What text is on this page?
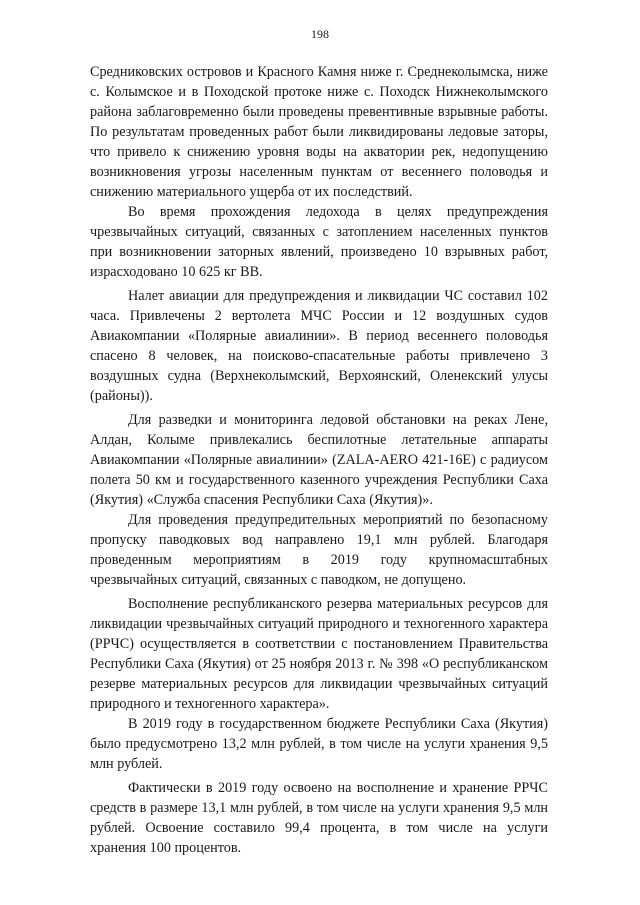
198

Средниковских островов и Красного Камня ниже г. Среднеколымска, ниже с. Колымское и в Походской протоке ниже с. Походск Нижнеколымского района заблаговременно были проведены превентивные взрывные работы. По результатам проведенных работ были ликвидированы ледовые заторы, что привело к снижению уровня воды на акватории рек, недопущению возникновения угрозы населенным пунктам от весеннего половодья и снижению материального ущерба от их последствий.

Во время прохождения ледохода в целях предупреждения чрезвычайных ситуаций, связанных с затоплением населенных пунктов при возникновении заторных явлений, произведено 10 взрывных работ, израсходовано 10 625 кг ВВ.

Налет авиации для предупреждения и ликвидации ЧС составил 102 часа. Привлечены 2 вертолета МЧС России и 12 воздушных судов Авиакомпании «Полярные авиалинии». В период весеннего половодья спасено 8 человек, на поисково-спасательные работы привлечено 3 воздушных судна (Верхнеколымский, Верхоянский, Оленекский улусы (районы)).

Для разведки и мониторинга ледовой обстановки на реках Лене, Алдан, Колыме привлекались беспилотные летательные аппараты Авиакомпании «Полярные авиалинии» (ZALA-AERO 421-16E) с радиусом полета 50 км и государственного казенного учреждения Республики Саха (Якутия) «Служба спасения Республики Саха (Якутия)».

Для проведения предупредительных мероприятий по безопасному пропуску паводковых вод направлено 19,1 млн рублей. Благодаря проведенным мероприятиям в 2019 году крупномасштабных чрезвычайных ситуаций, связанных с паводком, не допущено.

Восполнение республиканского резерва материальных ресурсов для ликвидации чрезвычайных ситуаций природного и техногенного характера (РРЧС) осуществляется в соответствии с постановлением Правительства Республики Саха (Якутия) от 25 ноября 2013 г. № 398 «О республиканском резерве материальных ресурсов для ликвидации чрезвычайных ситуаций природного и техногенного характера».

В 2019 году в государственном бюджете Республики Саха (Якутия) было предусмотрено 13,2 млн рублей, в том числе на услуги хранения 9,5 млн рублей.

Фактически в 2019 году освоено на восполнение и хранение РРЧС средств в размере 13,1 млн рублей, в том числе на услуги хранения 9,5 млн рублей. Освоение составило 99,4 процента, в том числе на услуги хранения 100 процентов.
